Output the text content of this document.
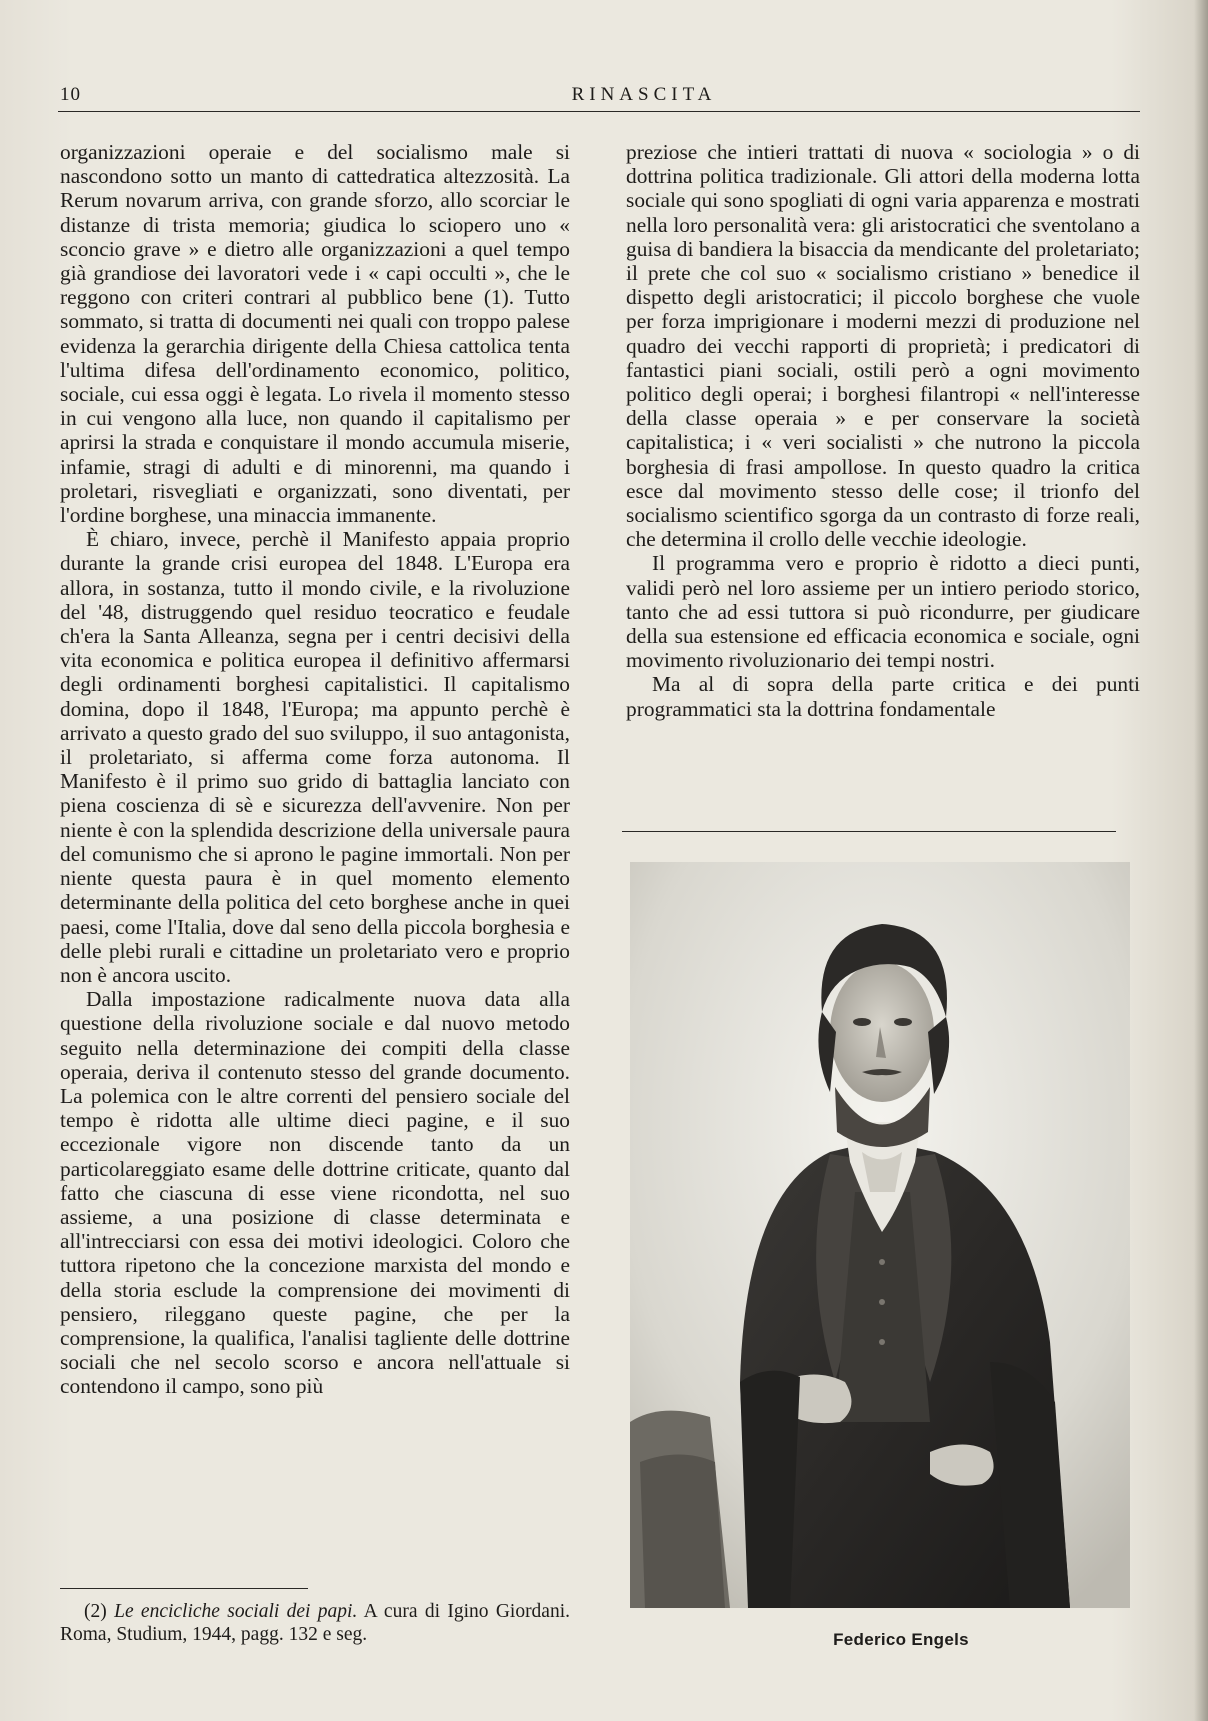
10	RINASCITA

organizzazioni operaie e del socialismo male si nascondono sotto un manto di cattedratica altezzosità. La Rerum novarum arriva, con grande sforzo, allo scorciar le distanze di trista memoria; giudica lo sciopero uno « sconcio grave » e dietro alle organizzazioni a quel tempo già grandiose dei lavoratori vede i « capi occulti », che le reggono con criteri contrari al pubblico bene (1). Tutto sommato, si tratta di documenti nei quali con troppo palese evidenza la gerarchia dirigente della Chiesa cattolica tenta l'ultima difesa dell'ordinamento economico, politico, sociale, cui essa oggi è legata. Lo rivela il momento stesso in cui vengono alla luce, non quando il capitalismo per aprirsi la strada e conquistare il mondo accumula miserie, infamie, stragi di adulti e di minorenni, ma quando i proletari, risvegliati e organizzati, sono diventati, per l'ordine borghese, una minaccia immanente.

È chiaro, invece, perchè il Manifesto appaia proprio durante la grande crisi europea del 1848. L'Europa era allora, in sostanza, tutto il mondo civile, e la rivoluzione del '48, distruggendo quel residuo teocratico e feudale ch'era la Santa Alleanza, segna per i centri decisivi della vita economica e politica europea il definitivo affermarsi degli ordinamenti borghesi capitalistici. Il capitalismo domina, dopo il 1848, l'Europa; ma appunto perchè è arrivato a questo grado del suo sviluppo, il suo antagonista, il proletariato, si afferma come forza autonoma. Il Manifesto è il primo suo grido di battaglia lanciato con piena coscienza di sè e sicurezza dell'avvenire. Non per niente è con la splendida descrizione della universale paura del comunismo che si aprono le pagine immortali. Non per niente questa paura è in quel momento elemento determinante della politica del ceto borghese anche in quei paesi, come l'Italia, dove dal seno della piccola borghesia e delle plebi rurali e cittadine un proletariato vero e proprio non è ancora uscito.

Dalla impostazione radicalmente nuova data alla questione della rivoluzione sociale e dal nuovo metodo seguito nella determinazione dei compiti della classe operaia, deriva il contenuto stesso del grande documento. La polemica con le altre correnti del pensiero sociale del tempo è ridotta alle ultime dieci pagine, e il suo eccezionale vigore non discende tanto da un particolareggiato esame delle dottrine criticate, quanto dal fatto che ciascuna di esse viene ricondotta, nel suo assieme, a una posizione di classe determinata e all'intrecciarsi con essa dei motivi ideologici. Coloro che tuttora ripetono che la concezione marxista del mondo e della storia esclude la comprensione dei movimenti di pensiero, rileggano queste pagine, che per la comprensione, la qualifica, l'analisi tagliente delle dottrine sociali che nel secolo scorso e ancora nell'attuale si contendono il campo, sono più

(2) Le encicliche sociali dei papi. A cura di Igino Giordani. Roma, Studium, 1944, pagg. 132 e seg.

preziose che intieri trattati di nuova « sociologia » o di dottrina politica tradizionale. Gli attori della moderna lotta sociale qui sono spogliati di ogni varia apparenza e mostrati nella loro personalità vera: gli aristocratici che sventolano a guisa di bandiera la bisaccia da mendicante del proletariato; il prete che col suo « socialismo cristiano » benedice il dispetto degli aristocratici; il piccolo borghese che vuole per forza imprigionare i moderni mezzi di produzione nel quadro dei vecchi rapporti di proprietà; i predicatori di fantastici piani sociali, ostili però a ogni movimento politico degli operai; i borghesi filantropi « nell'interesse della classe operaia » e per conservare la società capitalistica; i « veri socialisti » che nutrono la piccola borghesia di frasi ampollose. In questo quadro la critica esce dal movimento stesso delle cose; il trionfo del socialismo scientifico sgorga da un contrasto di forze reali, che determina il crollo delle vecchie ideologie.

Il programma vero e proprio è ridotto a dieci punti, validi però nel loro assieme per un intiero periodo storico, tanto che ad essi tuttora si può ricondurre, per giudicare della sua estensione ed efficacia economica e sociale, ogni movimento rivoluzionario dei tempi nostri.

Ma al di sopra della parte critica e dei punti programmatici sta la dottrina fondamentale

Federico Engels
